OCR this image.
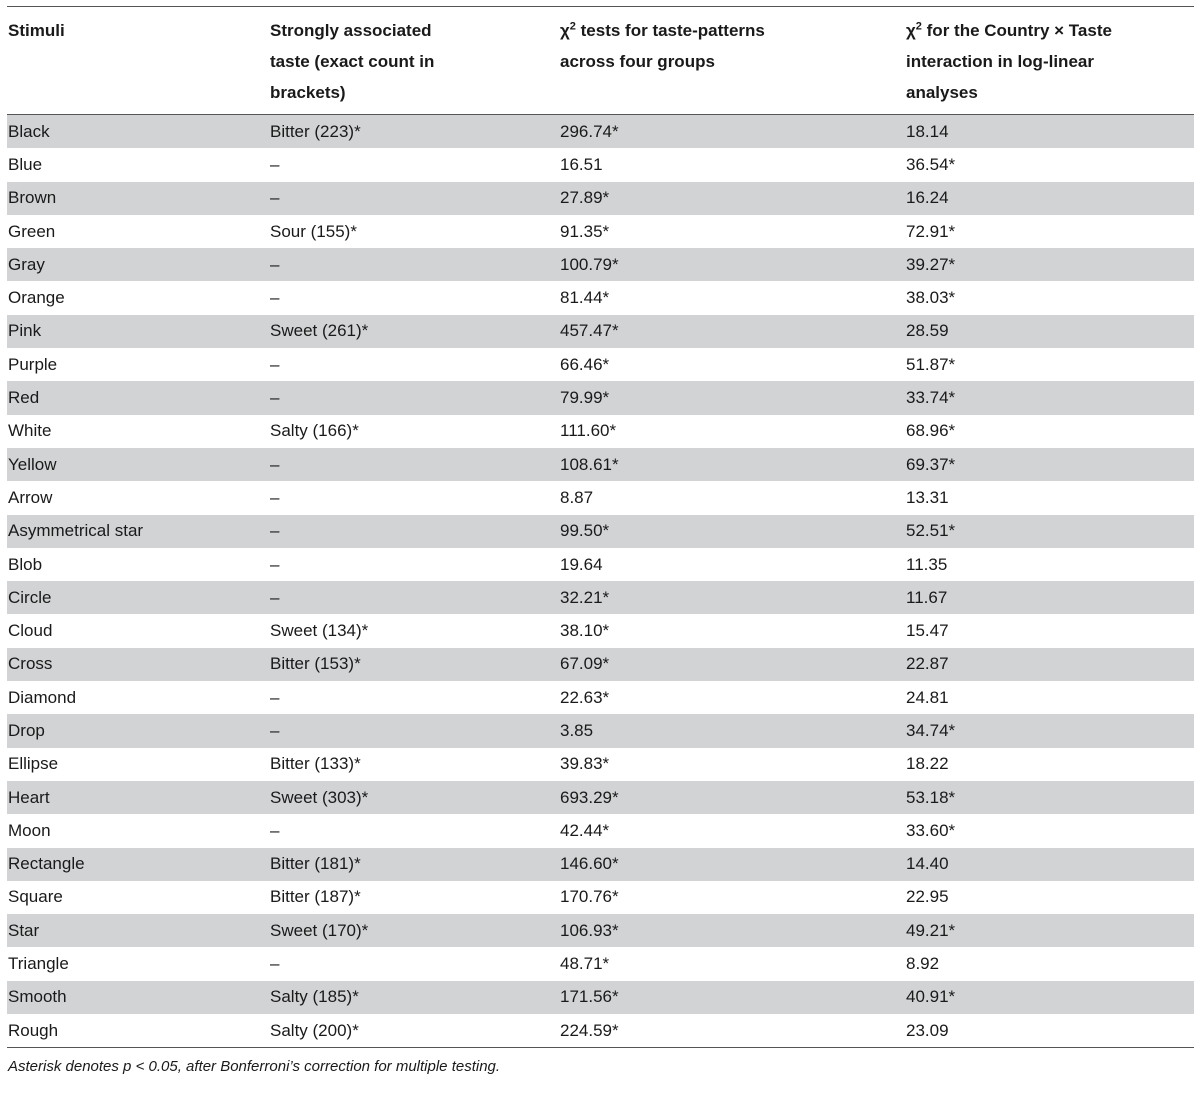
Stimuli	Strongly associated taste (exact count in brackets)	$\chi^2$ tests for taste-patterns across four groups	$\chi^2$ for the Country × Taste interaction in log-linear analyses

Black	Bitter (223)*	296.74*	18.14
Blue	–	16.51	36.54*
Brown	–	27.89*	16.24
Green	Sour (155)*	91.35*	72.91*
Gray	–	100.79*	39.27*
Orange	–	81.44*	38.03*
Pink	Sweet (261)*	457.47*	28.59
Purple	–	66.46*	51.87*
Red	–	79.99*	33.74*
White	Salty (166)*	111.60*	68.96*
Yellow	–	108.61*	69.37*
Arrow	–	8.87	13.31
Asymmetrical star	–	99.50*	52.51*
Blob	–	19.64	11.35
Circle	–	32.21*	11.67
Cloud	Sweet (134)*	38.10*	15.47
Cross	Bitter (153)*	67.09*	22.87
Diamond	–	22.63*	24.81
Drop	–	3.85	34.74*
Ellipse	Bitter (133)*	39.83*	18.22
Heart	Sweet (303)*	693.29*	53.18*
Moon	–	42.44*	33.60*
Rectangle	Bitter (181)*	146.60*	14.40
Square	Bitter (187)*	170.76*	22.95
Star	Sweet (170)*	106.93*	49.21*
Triangle	–	48.71*	8.92
Smooth	Salty (185)*	171.56*	40.91*
Rough	Salty (200)*	224.59*	23.09
Asterisk denotes p < 0.05, after Bonferroni’s correction for multiple testing.
